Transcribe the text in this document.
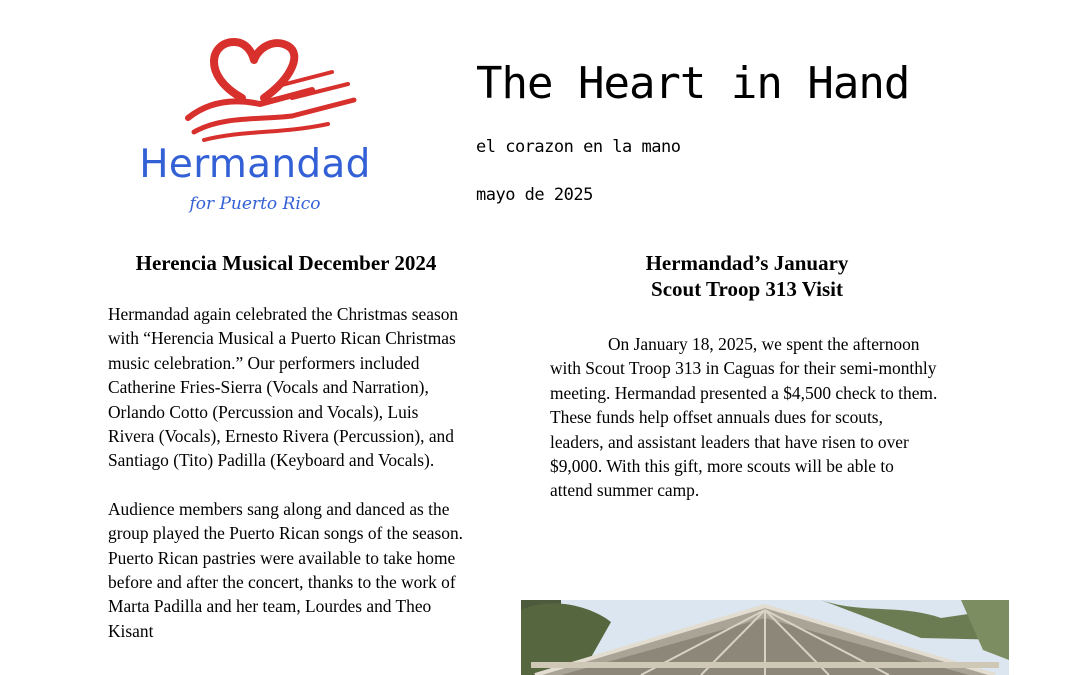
Hermandad
for Puerto Rico
The Heart in Hand
el corazon en la mano
mayo de 2025
Herencia Musical December 2024

Hermandad again celebrated the Christmas season with “Herencia Musical a Puerto Rican Christmas music celebration.” Our performers included Catherine Fries-Sierra (Vocals and Narration), Orlando Cotto (Percussion and Vocals), Luis Rivera (Vocals), Ernesto Rivera (Percussion), and Santiago (Tito) Padilla (Keyboard and Vocals).

Audience members sang along and danced as the group played the Puerto Rican songs of the season. Puerto Rican pastries were available to take home before and after the concert, thanks to the work of Marta Padilla and her team, Lourdes and Theo Kisant

Hermandad’s January
Scout Troop 313 Visit

On January 18, 2025, we spent the afternoon with Scout Troop 313 in Caguas for their semi-monthly meeting. Hermandad presented a $4,500 check to them. These funds help offset annuals dues for scouts, leaders, and assistant leaders that have risen to over $9,000. With this gift, more scouts will be able to attend summer camp.
